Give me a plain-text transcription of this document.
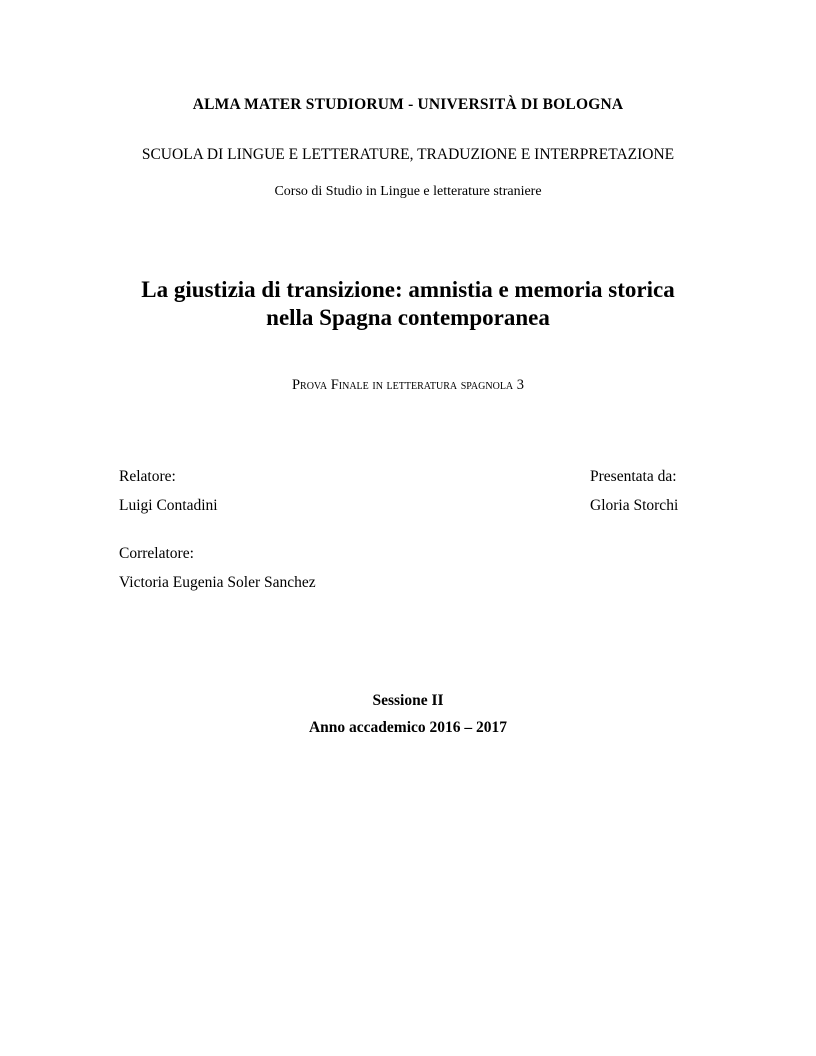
ALMA MATER STUDIORUM - UNIVERSITÀ DI BOLOGNA
SCUOLA DI LINGUE E LETTERATURE, TRADUZIONE E INTERPRETAZIONE
Corso di Studio in Lingue e letterature straniere
La giustizia di transizione: amnistia e memoria storica
nella Spagna contemporanea
Prova Finale in letteratura spagnola 3
Relatore:
Luigi Contadini
Correlatore:
Victoria Eugenia Soler Sanchez
Presentata da:
Gloria Storchi
Sessione II
Anno accademico 2016 – 2017
